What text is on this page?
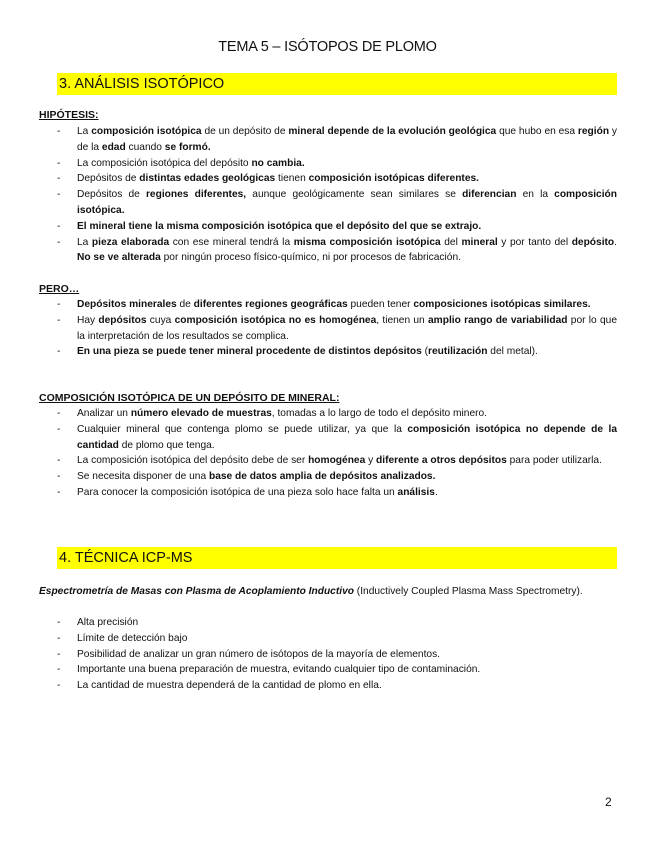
TEMA 5 – ISÓTOPOS DE PLOMO
3. ANÁLISIS ISOTÓPICO
HIPÓTESIS:
- La composición isotópica de un depósito de mineral depende de la evolución geológica que hubo en esa región y de la edad cuando se formó.
- La composición isotópica del depósito no cambia.
- Depósitos de distintas edades geológicas tienen composición isotópicas diferentes.
- Depósitos de regiones diferentes, aunque geológicamente sean similares se diferencian en la composición isotópica.
- El mineral tiene la misma composición isotópica que el depósito del que se extrajo.
- La pieza elaborada con ese mineral tendrá la misma composición isotópica del mineral y por tanto del depósito. No se ve alterada por ningún proceso físico-químico, ni por procesos de fabricación.
PERO…
- Depósitos minerales de diferentes regiones geográficas pueden tener composiciones isotópicas similares.
- Hay depósitos cuya composición isotópica no es homogénea, tienen un amplio rango de variabilidad por lo que la interpretación de los resultados se complica.
- En una pieza se puede tener mineral procedente de distintos depósitos (reutilización del metal).
COMPOSICIÓN ISOTÓPICA DE UN DEPÓSITO DE MINERAL:
- Analizar un número elevado de muestras, tomadas a lo largo de todo el depósito minero.
- Cualquier mineral que contenga plomo se puede utilizar, ya que la composición isotópica no depende de la cantidad de plomo que tenga.
- La composición isotópica del depósito debe de ser homogénea y diferente a otros depósitos para poder utilizarla.
- Se necesita disponer de una base de datos amplia de depósitos analizados.
- Para conocer la composición isotópica de una pieza solo hace falta un análisis.
4. TÉCNICA ICP-MS

Espectrometría de Masas con Plasma de Acoplamiento Inductivo (Inductively Coupled Plasma Mass Spectrometry).

- Alta precisión
- Límite de detección bajo
- Posibilidad de analizar un gran número de isótopos de la mayoría de elementos.
- Importante una buena preparación de muestra, evitando cualquier tipo de contaminación.
- La cantidad de muestra dependerá de la cantidad de plomo en ella.
2
